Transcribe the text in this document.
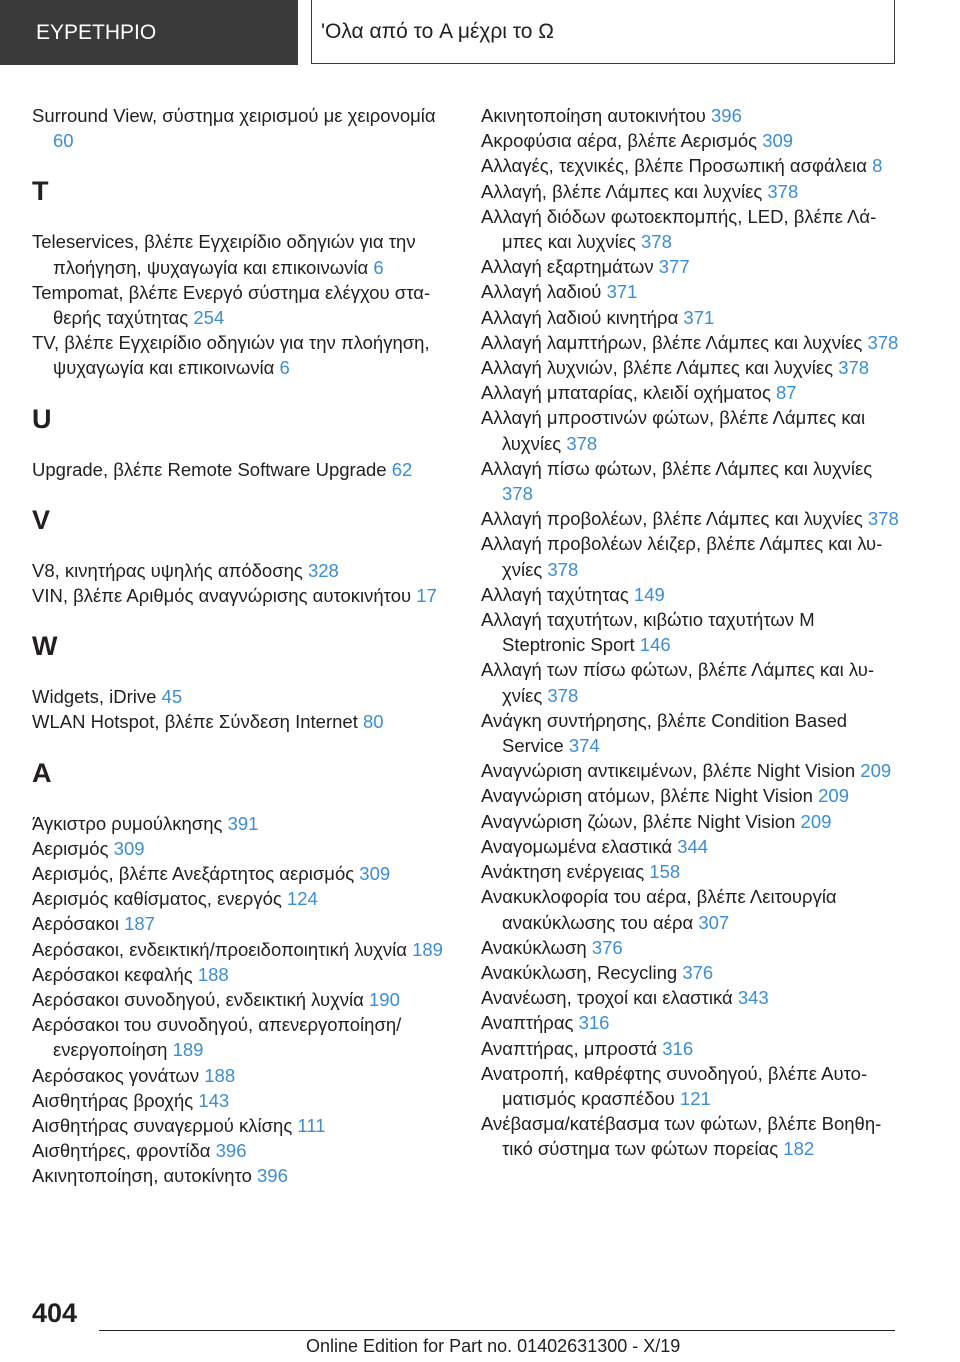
ΕΥΡΕΤΗΡΙΟ	'Ολα από το A μέχρι το Ω
Surround View, σύστημα χειρισμού με χειρονομία 60
T
Teleservices, βλέπε Εγχειρίδιο οδηγιών για την πλοήγηση, ψυχαγωγία και επικοινωνία 6
Tempomat, βλέπε Ενεργό σύστημα ελέγχου σταθερής ταχύτητας 254
TV, βλέπε Εγχειρίδιο οδηγιών για την πλοήγηση, ψυχαγωγία και επικοινωνία 6
U
Upgrade, βλέπε Remote Software Upgrade 62
V
V8, κινητήρας υψηλής απόδοσης 328
VIN, βλέπε Αριθμός αναγνώρισης αυτοκινήτου 17
W
Widgets, iDrive 45
WLAN Hotspot, βλέπε Σύνδεση Internet 80
A
Άγκιστρο ρυμούλκησης 391
Αερισμός 309
Αερισμός, βλέπε Ανεξάρτητος αερισμός 309
Αερισμός καθίσματος, ενεργός 124
Αερόσακοι 187
Αερόσακοι, ενδεικτική/προειδοποιητική λυχνία 189
Αερόσακοι κεφαλής 188
Αερόσακοι συνοδηγού, ενδεικτική λυχνία 190
Αερόσακοι του συνοδηγού, απενεργοποίηση/ ενεργοποίηση 189
Αερόσακος γονάτων 188
Αισθητήρας βροχής 143
Αισθητήρας συναγερμού κλίσης 111
Αισθητήρες, φροντίδα 396
Ακινητοποίηση, αυτοκίνητο 396
Ακινητοποίηση αυτοκινήτου 396
Ακροφύσια αέρα, βλέπε Αερισμός 309
Αλλαγές, τεχνικές, βλέπε Προσωπική ασφάλεια 8
Αλλαγή, βλέπε Λάμπες και λυχνίες 378
Αλλαγή διόδων φωτοεκπομπής, LED, βλέπε Λάμπες και λυχνίες 378
Αλλαγή εξαρτημάτων 377
Αλλαγή λαδιού 371
Αλλαγή λαδιού κινητήρα 371
Αλλαγή λαμπτήρων, βλέπε Λάμπες και λυχνίες 378
Αλλαγή λυχνιών, βλέπε Λάμπες και λυχνίες 378
Αλλαγή μπαταρίας, κλειδί οχήματος 87
Αλλαγή μπροστινών φώτων, βλέπε Λάμπες και λυχνίες 378
Αλλαγή πίσω φώτων, βλέπε Λάμπες και λυχνίες 378
Αλλαγή προβολέων, βλέπε Λάμπες και λυχνίες 378
Αλλαγή προβολέων λέιζερ, βλέπε Λάμπες και λυχνίες 378
Αλλαγή ταχύτητας 149
Αλλαγή ταχυτήτων, κιβώτιο ταχυτήτων M Steptronic Sport 146
Αλλαγή των πίσω φώτων, βλέπε Λάμπες και λυχνίες 378
Ανάγκη συντήρησης, βλέπε Condition Based Service 374
Αναγνώριση αντικειμένων, βλέπε Night Vision 209
Αναγνώριση ατόμων, βλέπε Night Vision 209
Αναγνώριση ζώων, βλέπε Night Vision 209
Αναγομωμένα ελαστικά 344
Ανάκτηση ενέργειας 158
Ανακυκλοφορία του αέρα, βλέπε Λειτουργία ανακύκλωσης του αέρα 307
Ανακύκλωση 376
Ανακύκλωση, Recycling 376
Ανανέωση, τροχοί και ελαστικά 343
Αναπτήρας 316
Αναπτήρας, μπροστά 316
Ανατροπή, καθρέφτης συνοδηγού, βλέπε Αυτοματισμός κρασπέδου 121
Ανέβασμα/κατέβασμα των φώτων, βλέπε Βοηθητικό σύστημα των φώτων πορείας 182
404
Online Edition for Part no. 01402631300 - X/19
